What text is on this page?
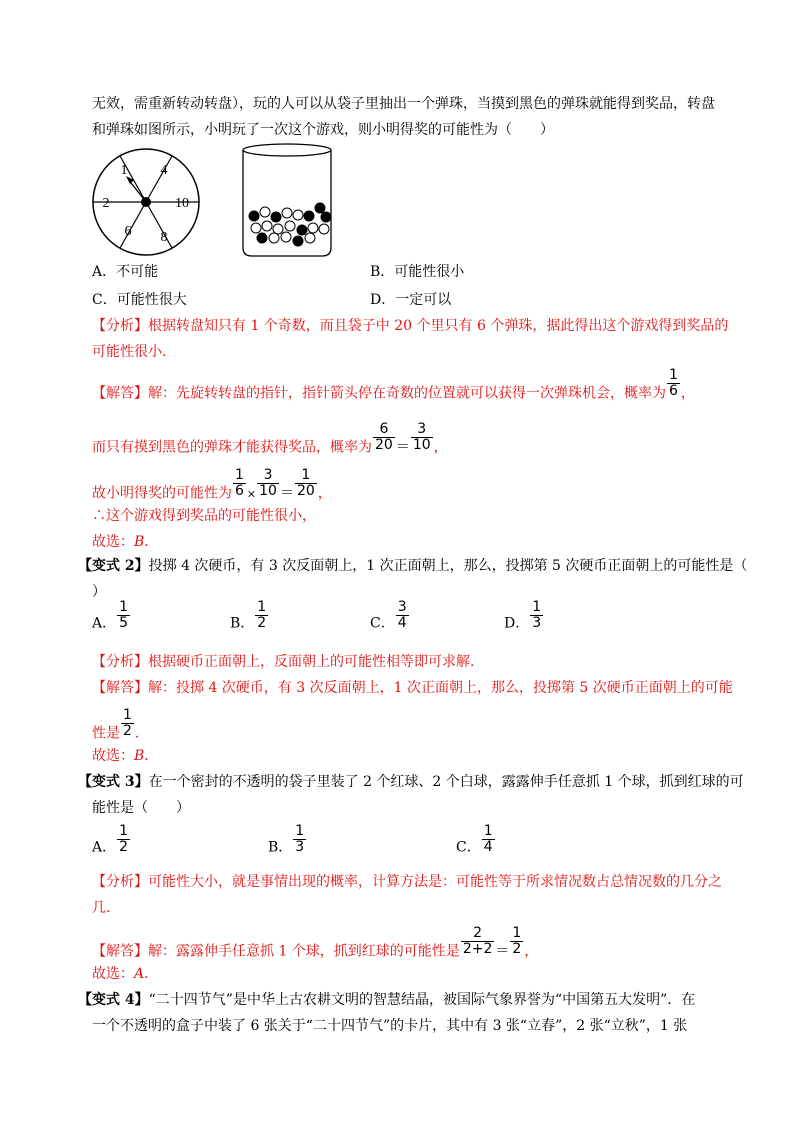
无效，需重新转动转盘），玩的人可以从袋子里抽出一个弹珠，当摸到黑色的弹珠就能得到奖品，转盘
和弹珠如图所示，小明玩了一次这个游戏，则小明得奖的可能性为（　　）
1 4
10
8
6
2
A．不可能	B．可能性很小
C．可能性很大	D．一定可以
【分析】根据转盘知只有 1 个奇数，而且袋子中 20 个里只有 6 个弹珠，据此得出这个游戏得到奖品的
可能性很小.
【解答】解：先旋转转盘的指针，指针箭头停在奇数的位置就可以获得一次弹珠机会，概率为 $\frac{1}{6}$ ，
而只有摸到黑色的弹珠才能获得奖品，概率为 $\frac{6}{20} = \frac{3}{10}$ ，
故小明得奖的可能性为 $\frac{1}{6} \times \frac{3}{10} = \frac{1}{20}$ ，
∴这个游戏得到奖品的可能性很小，
故选：B．
【变式 2】投掷 4 次硬币，有 3 次反面朝上，1 次正面朝上，那么，投掷第 5 次硬币正面朝上的可能性是（
）
A． $\frac{1}{5}$	B． $\frac{1}{2}$	C． $\frac{3}{4}$	D． $\frac{1}{3}$
【分析】根据硬币正面朝上，反面朝上的可能性相等即可求解.
【解答】解：投掷 4 次硬币，有 3 次反面朝上，1 次正面朝上，那么，投掷第 5 次硬币正面朝上的可能
性是 $\frac{1}{2}$ .
故选：B．
【变式 3】在一个密封的不透明的袋子里装了 2 个红球、2 个白球，露露伸手任意抓 1 个球，抓到红球的可
能性是（　　）
A． $\frac{1}{2}$	B． $\frac{1}{3}$	C． $\frac{1}{4}$
【分析】可能性大小，就是事情出现的概率，计算方法是：可能性等于所求情况数占总情况数的几分之
几.
【解答】解：露露伸手任意抓 1 个球，抓到红球的可能性是 $\frac{2}{2+2} = \frac{1}{2}$ ，
故选：A．
【变式 4】“二十四节气”是中华上古农耕文明的智慧结晶，被国际气象界誉为“中国第五大发明”．在
一个不透明的盒子中装了 6 张关于“二十四节气”的卡片，其中有 3 张“立春”，2 张“立秋”，1 张
